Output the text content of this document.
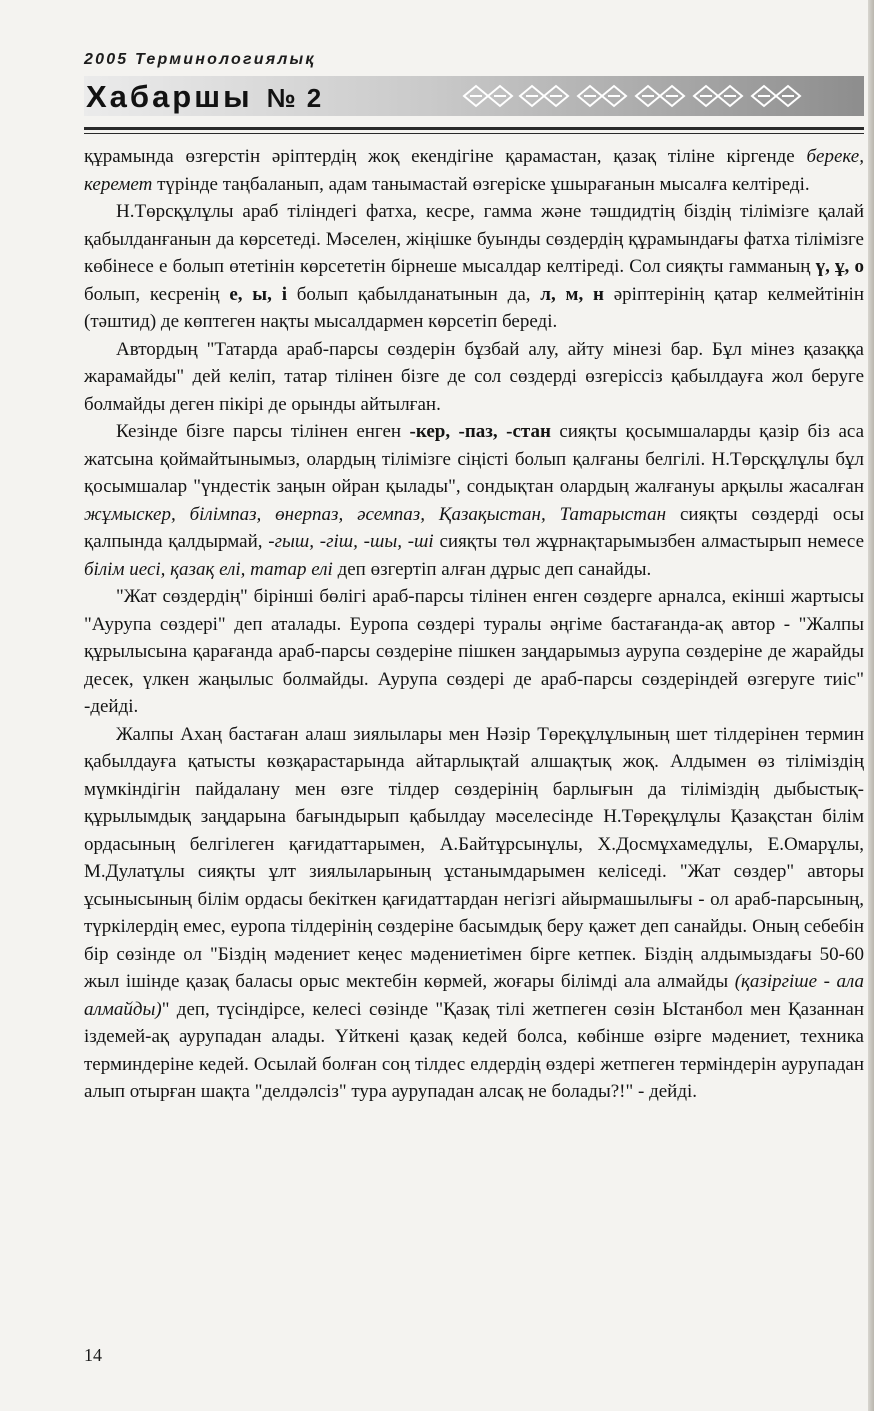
2005 Терминологиялық
Хабаршы № 2

құрамында өзгерстін әріптердің жоқ екендігіне қарамастан, қазақ тіліне кіргенде береке, керемет түрінде таңбаланып, адам танымастай өзгеріске ұшырағанын мысалға келтіреді.

Н.Төрсқұлұлы араб тіліндегі фатха, кесре, гамма және тәшдидтің біздің тілімізге қалай қабылданғанын да көрсетеді. Мәселен, жіңішке буынды сөздердің құрамындағы фатха тілімізге көбінесе е болып өтетінін көрсететін бірнеше мысалдар келтіреді. Сол сияқты гамманың ү, ұ, о болып, кесренің е, ы, і болып қабылданатынын да, л, м, н әріптерінің қатар келмейтінін (тәштид) де көптеген нақты мысалдармен көрсетіп береді.

Автордың "Татарда араб-парсы сөздерін бұзбай алу, айту мінезі бар. Бұл мінез қазаққа жарамайды" дей келіп, татар тілінен бізге де сол сөздерді өзгеріссіз қабылдауға жол беруге болмайды деген пікірі де орынды айтылған.

Кезінде бізге парсы тілінен енген -кер, -паз, -стан сияқты қосымшаларды қазір біз аса жатсына қоймайтынымыз, олардың тілімізге сіңісті болып қалғаны белгілі. Н.Төрсқұлұлы бұл қосымшалар "үндестік заңын ойран қылады", сондықтан олардың жалғануы арқылы жасалған жұмыскер, білімпаз, өнерпаз, әсемпаз, Қазақыстан, Татарыстан сияқты сөздерді осы қалпында қалдырмай, -гыш, -гіш, -шы, -ші сияқты төл жұрнақтарымызбен алмастырып немесе білім иесі, қазақ елі, татар елі деп өзгертіп алған дұрыс деп санайды.

"Жат сөздердің" бірінші бөлігі араб-парсы тілінен енген сөздерге арналса, екінші жартысы "Аурупа сөздері" деп аталады. Еуропа сөздері туралы әңгіме бастағанда-ақ автор - "Жалпы құрылысына қарағанда араб-парсы сөздеріне пішкен заңдарымыз аурупа сөздеріне де жарайды десек, үлкен жаңылыс болмайды. Аурупа сөздері де араб-парсы сөздеріндей өзгеруге тиіс" -дейді.

Жалпы Ахаң бастаған алаш зиялылары мен Нәзір Төреқұлұлының шет тілдерінен термин қабылдауға қатысты көзқарастарында айтарлықтай алшақтық жоқ. Алдымен өз тіліміздің мүмкіндігін пайдалану мен өзге тілдер сөздерінің барлығын да тіліміздің дыбыстық-құрылымдық заңдарына бағындырып қабылдау мәселесінде Н.Төреқұлұлы Қазақстан білім ордасының белгілеген қағидаттарымен, А.Байтұрсынұлы, Х.Досмұхамедұлы, Е.Омарұлы, М.Дулатұлы сияқты ұлт зиялыларының ұстанымдарымен келіседі. "Жат сөздер" авторы ұсынысының білім ордасы бекіткен қағидаттардан негізгі айырмашылығы - ол араб-парсының, түркілердің емес, еуропа тілдерінің сөздеріне басымдық беру қажет деп санайды. Оның себебін бір сөзінде ол "Біздің мәдениет кеңес мәдениетімен бірге кетпек. Біздің алдымыздағы 50-60 жыл ішінде қазақ баласы орыс мектебін көрмей, жоғары білімді ала алмайды (қазіргіше - ала алмайды)" деп, түсіндірсе, келесі сөзінде "Қазақ тілі жетпеген сөзін Ыстанбол мен Қазаннан іздемей-ақ аурупадан алады. Үйткені қазақ кедей болса, көбінше өзірге мәдениет, техника терминдеріне кедей. Осылай болған соң тілдес елдердің өздері жетпеген терміндерін аурупадан алып отырған шақта "делдәлсіз" тура аурупадан алсақ не болады?!" - дейді.

14
